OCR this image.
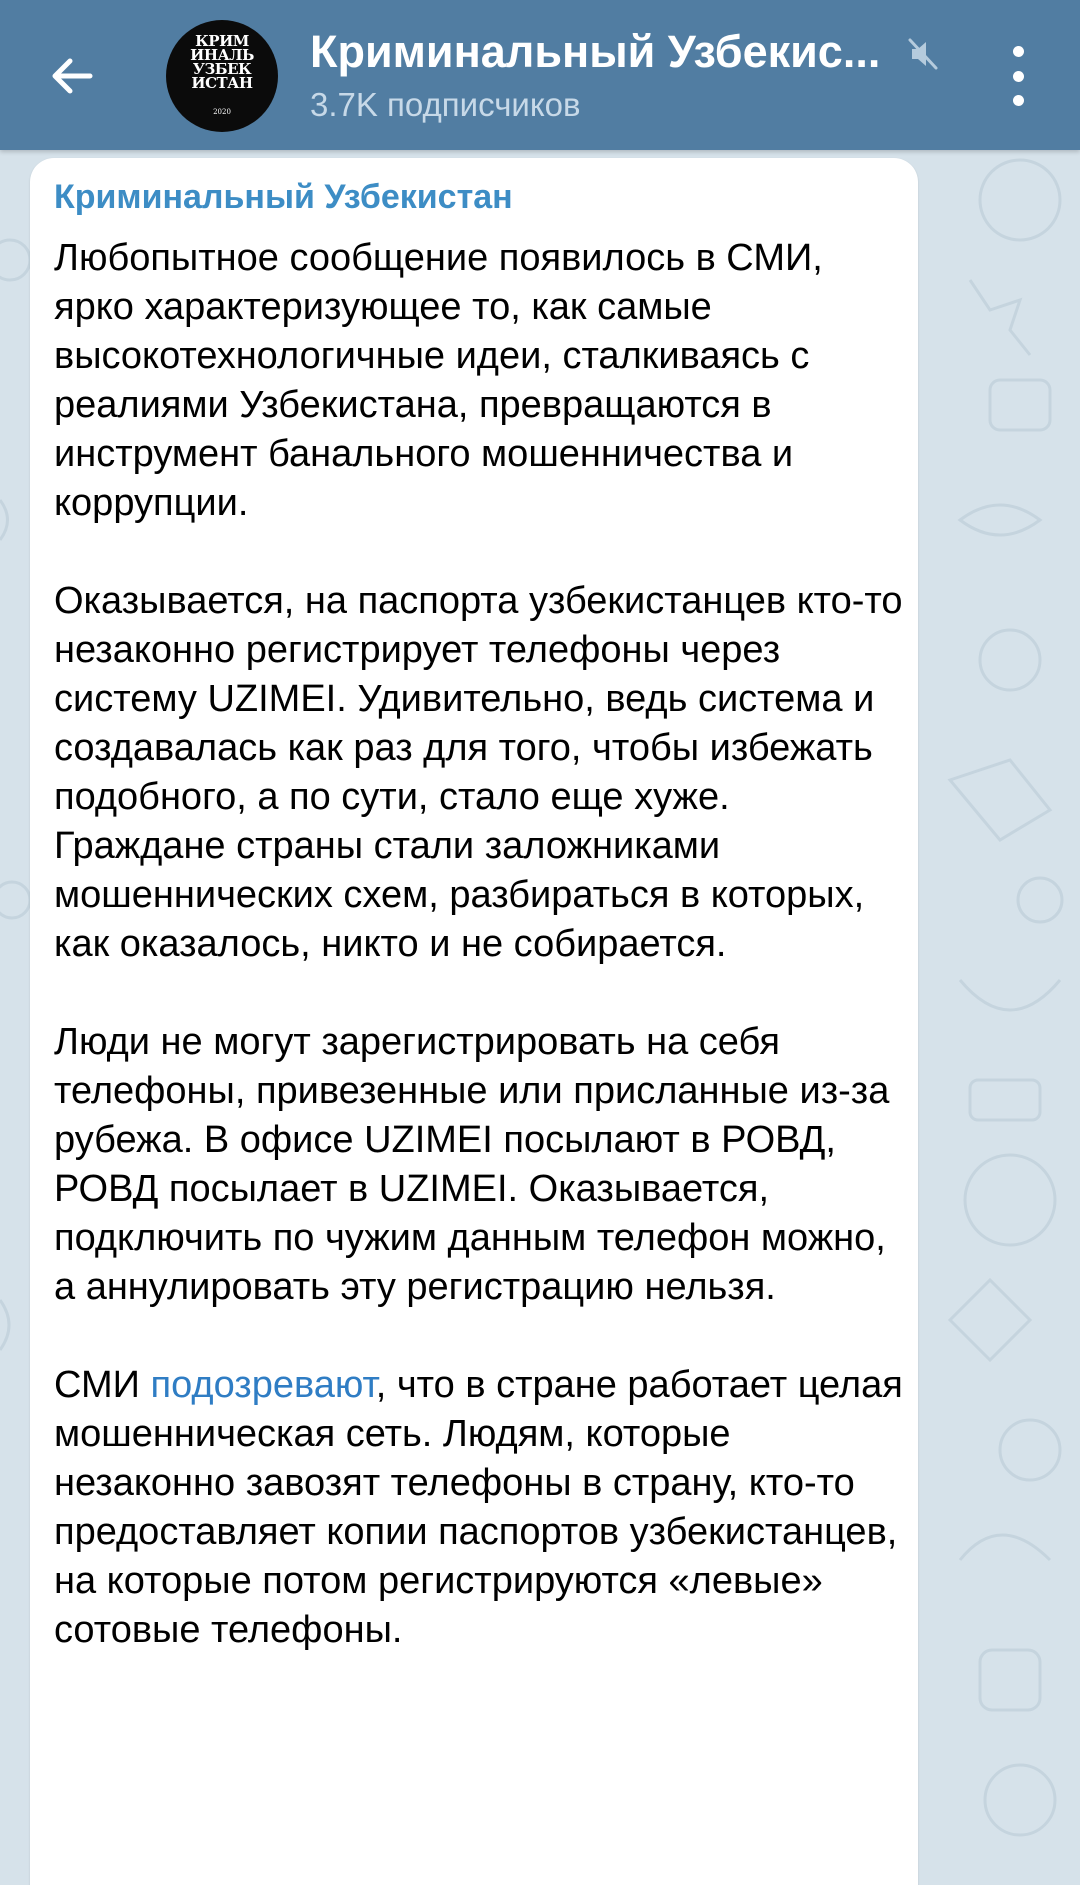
КРИМ
ИНАЛЬ
УЗБЕК
ИСТАН
2020
Криминальный Узбекис...
3.7K подписчиков
Криминальный Узбекистан

Любопытное сообщение появилось в СМИ, ярко характеризующее то, как самые высокотехнологичные идеи, сталкиваясь с реалиями Узбекистана, превращаются в инструмент банального мошенничества и коррупции.

Оказывается, на паспорта узбекистанцев кто-то незаконно регистрирует телефоны через систему UZIMEI. Удивительно, ведь система и создавалась как раз для того, чтобы избежать подобного, а по сути, стало еще хуже. Граждане страны стали заложниками мошеннических схем, разбираться в которых, как оказалось, никто и не собирается.

Люди не могут зарегистрировать на себя телефоны, привезенные или присланные из-за рубежа. В офисе UZIMEI посылают в РОВД, РОВД посылает в UZIMEI. Оказывается, подключить по чужим данным телефон можно, а аннулировать эту регистрацию нельзя.

СМИ подозревают, что в стране работает целая мошенническая сеть. Людям, которые незаконно завозят телефоны в страну, кто-то предоставляет копии паспортов узбекистанцев, на которые потом регистрируются «левые» сотовые телефоны.
